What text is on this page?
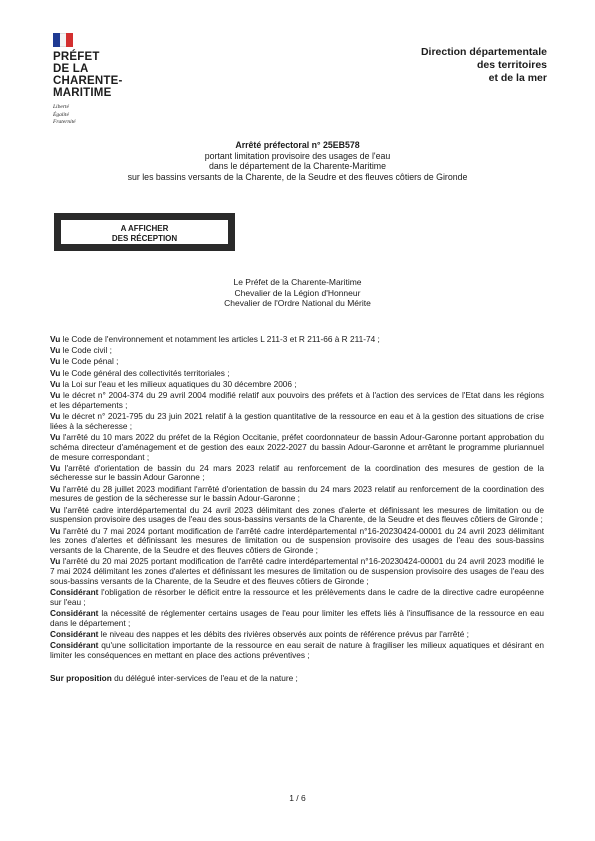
PRÉFET
DE LA
CHARENTE-
MARITIME
Liberté
Égalité
Fraternité
Direction départementale
des territoires
et de la mer
Arrêté préfectoral n° 25EB578
portant limitation provisoire des usages de l'eau
dans le département de la Charente-Maritime
sur les bassins versants de la Charente, de la Seudre et des fleuves côtiers de Gironde
A AFFICHER
DES RÉCEPTION
Le Préfet de la Charente-Maritime
Chevalier de la Légion d'Honneur
Chevalier de l'Ordre National du Mérite

Vu le Code de l'environnement et notamment les articles L 211-3 et R 211-66 à R 211-74 ;

Vu le Code civil ;

Vu le Code pénal ;

Vu le Code général des collectivités territoriales ;

Vu la Loi sur l'eau et les milieux aquatiques du 30 décembre 2006 ;

Vu le décret n° 2004-374 du 29 avril 2004 modifié relatif aux pouvoirs des préfets et à l'action des services de l'Etat dans les régions et les départements ;

Vu le décret n° 2021-795 du 23 juin 2021 relatif à la gestion quantitative de la ressource en eau et à la gestion des situations de crise liées à la sécheresse ;

Vu l'arrêté du 10 mars 2022 du préfet de la Région Occitanie, préfet coordonnateur de bassin Adour-Garonne portant approbation du schéma directeur d'aménagement et de gestion des eaux 2022-2027 du bassin Adour-Garonne et arrêtant le programme pluriannuel de mesure correspondant ;

Vu l'arrêté d'orientation de bassin du 24 mars 2023 relatif au renforcement de la coordination des mesures de gestion de la sécheresse sur le bassin Adour Garonne ;

Vu l'arrêté du 28 juillet 2023 modifiant l'arrêté d'orientation de bassin du 24 mars 2023 relatif au renforcement de la coordination des mesures de gestion de la sécheresse sur le bassin Adour-Garonne ;

Vu l'arrêté cadre interdépartemental du 24 avril 2023 délimitant des zones d'alerte et définissant les mesures de limitation ou de suspension provisoire des usages de l'eau des sous-bassins versants de la Charente, de la Seudre et des fleuves côtiers de Gironde ;

Vu l'arrêté du 7 mai 2024 portant modification de l'arrêté cadre interdépartemental n°16-20230424-00001 du 24 avril 2023 délimitant les zones d'alertes et définissant les mesures de limitation ou de suspension provisoire des usages de l'eau des sous-bassins versants de la Charente, de la Seudre et des fleuves côtiers de Gironde ;

Vu l'arrêté du 20 mai 2025 portant modification de l'arrêté cadre interdépartemental n°16-20230424-00001 du 24 avril 2023 modifié le 7 mai 2024 délimitant les zones d'alertes et définissant les mesures de limitation ou de suspension provisoire des usages de l'eau des sous-bassins versants de la Charente, de la Seudre et des fleuves côtiers de Gironde ;

Considérant l'obligation de résorber le déficit entre la ressource et les prélèvements dans le cadre de la directive cadre européenne sur l'eau ;

Considérant la nécessité de réglementer certains usages de l'eau pour limiter les effets liés à l'insuffisance de la ressource en eau dans le département ;

Considérant le niveau des nappes et les débits des rivières observés aux points de référence prévus par l'arrêté ;

Considérant qu'une sollicitation importante de la ressource en eau serait de nature à fragiliser les milieux aquatiques et désirant en limiter les conséquences en mettant en place des actions préventives ;

Sur proposition du délégué inter-services de l'eau et de la nature ;

1 / 6
